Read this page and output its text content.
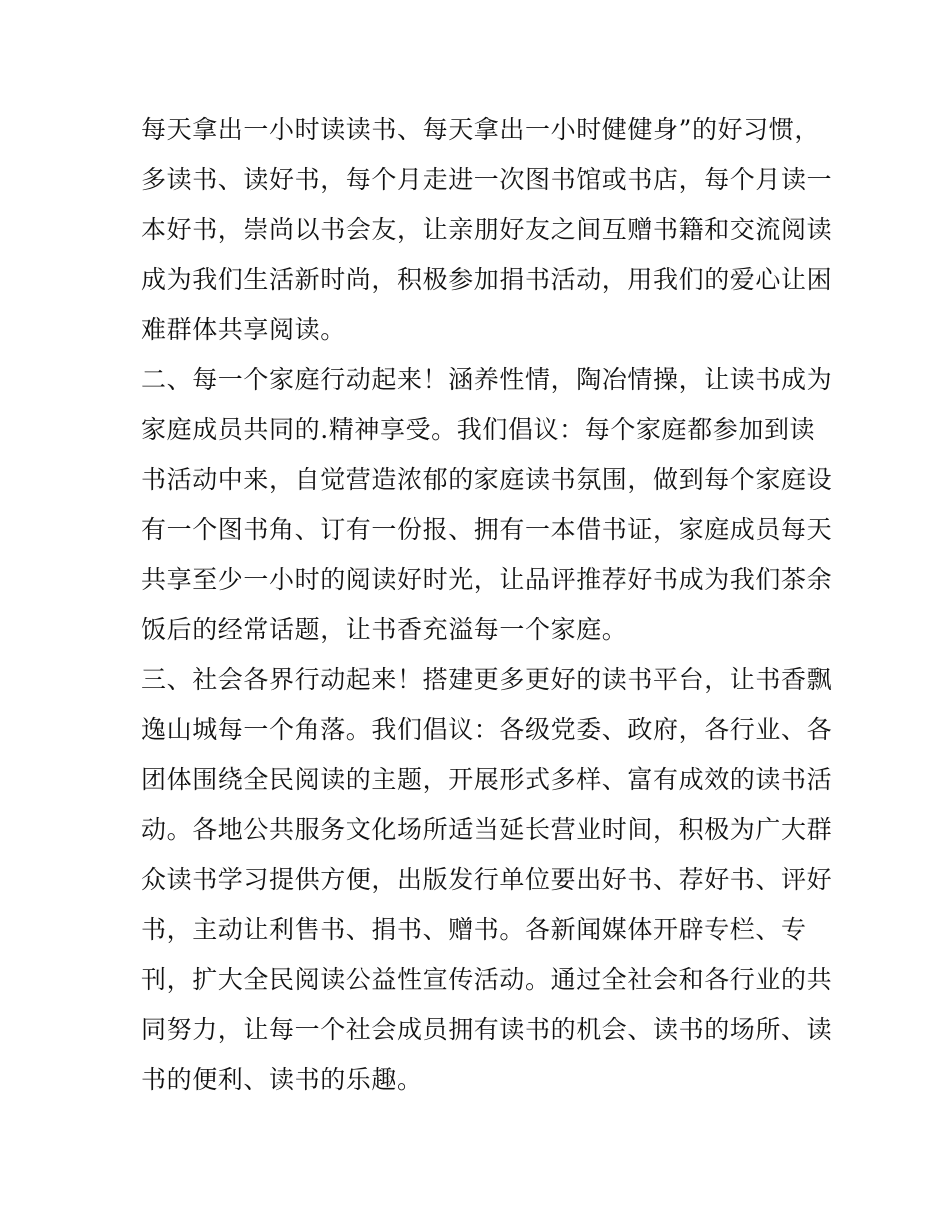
每天拿出一小时读读书、每天拿出一小时健健身”的好习惯，
多读书、读好书，每个月走进一次图书馆或书店，每个月读一
本好书，崇尚以书会友，让亲朋好友之间互赠书籍和交流阅读
成为我们生活新时尚，积极参加捐书活动，用我们的爱心让困
难群体共享阅读。
二、每一个家庭行动起来！涵养性情，陶冶情操，让读书成为
家庭成员共同的.精神享受。我们倡议：每个家庭都参加到读
书活动中来，自觉营造浓郁的家庭读书氛围，做到每个家庭设
有一个图书角、订有一份报、拥有一本借书证，家庭成员每天
共享至少一小时的阅读好时光，让品评推荐好书成为我们茶余
饭后的经常话题，让书香充溢每一个家庭。
三、社会各界行动起来！搭建更多更好的读书平台，让书香飘
逸山城每一个角落。我们倡议：各级党委、政府，各行业、各
团体围绕全民阅读的主题，开展形式多样、富有成效的读书活
动。各地公共服务文化场所适当延长营业时间，积极为广大群
众读书学习提供方便，出版发行单位要出好书、荐好书、评好
书，主动让利售书、捐书、赠书。各新闻媒体开辟专栏、专
刊，扩大全民阅读公益性宣传活动。通过全社会和各行业的共
同努力，让每一个社会成员拥有读书的机会、读书的场所、读
书的便利、读书的乐趣。
